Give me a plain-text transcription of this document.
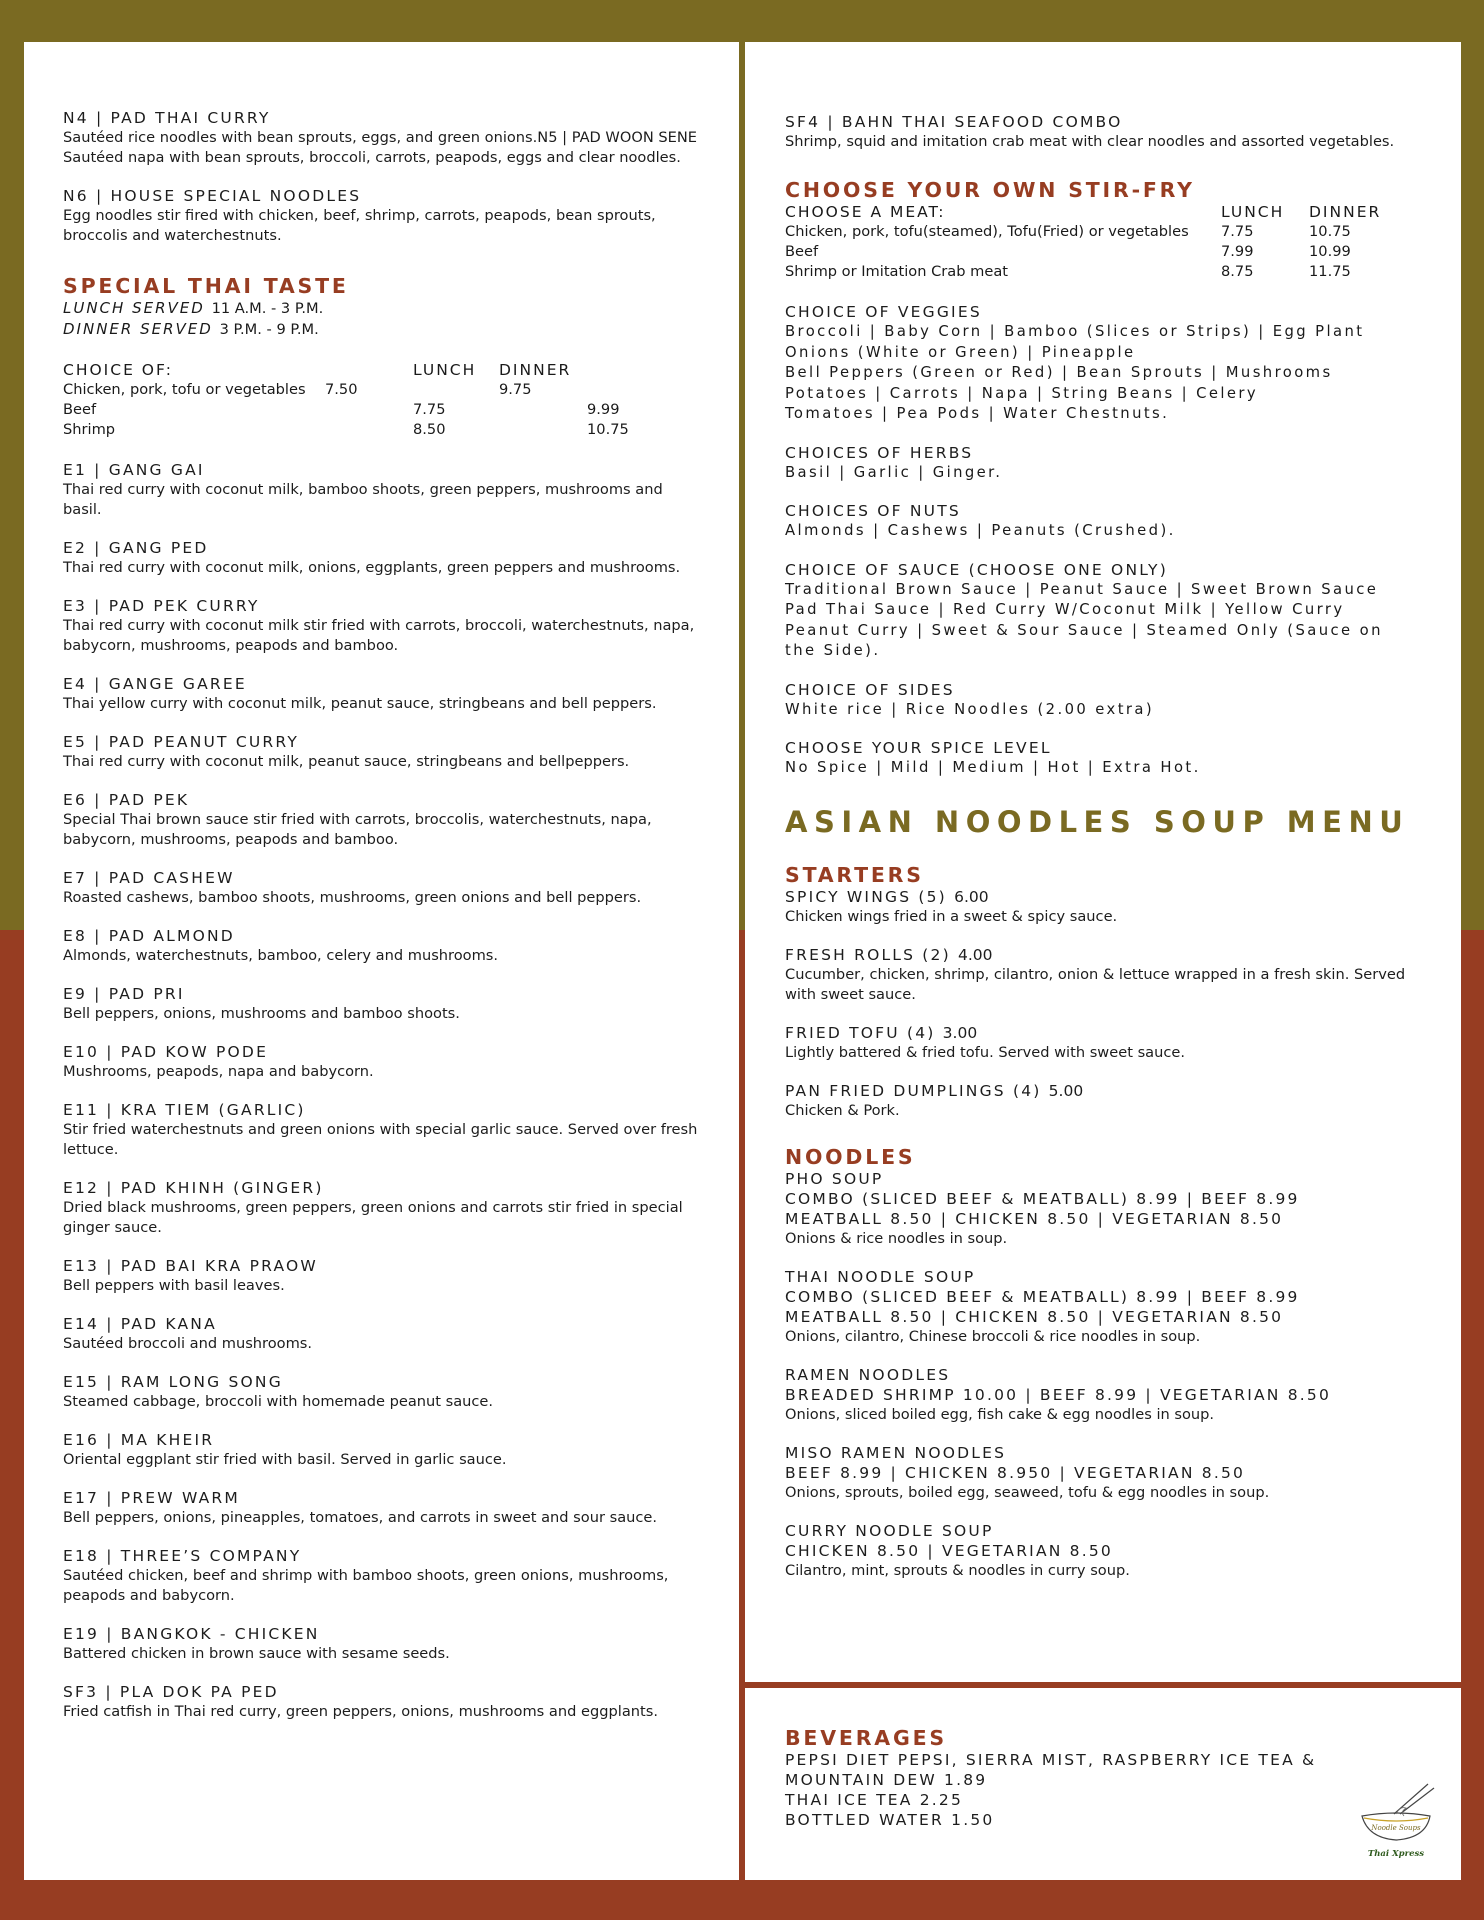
N4 | PAD THAI CURRY
Sautéed rice noodles with bean sprouts, eggs, and green onions.N5 | PAD WOON SENE
Sautéed napa with bean sprouts, broccoli, carrots, peapods, eggs and clear noodles.
N6 | HOUSE SPECIAL NOODLES
Egg noodles stir fired with chicken, beef, shrimp, carrots, peapods, bean sprouts, broccolis and waterchestnuts.
SPECIAL THAI TASTE
LUNCH SERVED 11 A.M. - 3 P.M.
DINNER SERVED 3 P.M. - 9 P.M.
CHOICE OF:		LUNCH	DINNER	
Chicken, pork, tofu or vegetables	7.50		9.75	
Beef		7.75		9.99
Shrimp		8.50		10.75
E1 | GANG GAI
Thai red curry with coconut milk, bamboo shoots, green peppers, mushrooms and basil.
E2 | GANG PED
Thai red curry with coconut milk, onions, eggplants, green peppers and mushrooms.
E3 | PAD PEK CURRY
Thai red curry with coconut milk stir fried with carrots, broccoli, waterchestnuts, napa, babycorn, mushrooms, peapods and bamboo.
E4 | GANGE GAREE
Thai yellow curry with coconut milk, peanut sauce, stringbeans and bell peppers.
E5 | PAD PEANUT CURRY
Thai red curry with coconut milk, peanut sauce, stringbeans and bellpeppers.
E6 | PAD PEK
Special Thai brown sauce stir fried with carrots, broccolis, waterchestnuts, napa, babycorn, mushrooms, peapods and bamboo.
E7 | PAD CASHEW
Roasted cashews, bamboo shoots, mushrooms, green onions and bell peppers.
E8 | PAD ALMOND
Almonds, waterchestnuts, bamboo, celery and mushrooms.
E9 | PAD PRI
Bell peppers, onions, mushrooms and bamboo shoots.
E10 | PAD KOW PODE
Mushrooms, peapods, napa and babycorn.
E11 | KRA TIEM (GARLIC)
Stir fried waterchestnuts and green onions with special garlic sauce. Served over fresh lettuce.
E12 | PAD KHINH (GINGER)
Dried black mushrooms, green peppers, green onions and carrots stir fried in special ginger sauce.
E13 | PAD BAI KRA PRAOW
Bell peppers with basil leaves.
E14 | PAD KANA
Sautéed broccoli and mushrooms.
E15 | RAM LONG SONG
Steamed cabbage, broccoli with homemade peanut sauce.
E16 | MA KHEIR
Oriental eggplant stir fried with basil. Served in garlic sauce.
E17 | PREW WARM
Bell peppers, onions, pineapples, tomatoes, and carrots in sweet and sour sauce.
E18 | THREE’S COMPANY
Sautéed chicken, beef and shrimp with bamboo shoots, green onions, mushrooms, peapods and babycorn.
E19 | BANGKOK - CHICKEN
Battered chicken in brown sauce with sesame seeds.
SF3 | PLA DOK PA PED
Fried catfish in Thai red curry, green peppers, onions, mushrooms and eggplants.
SF4 | BAHN THAI SEAFOOD COMBO
Shrimp, squid and imitation crab meat with clear noodles and assorted vegetables.
CHOOSE YOUR OWN STIR-FRY
CHOOSE A MEAT:	LUNCH	DINNER
Chicken, pork, tofu(steamed), Tofu(Fried) or vegetables	7.75	10.75
Beef	7.99	10.99
Shrimp or Imitation Crab meat	8.75	11.75
CHOICE OF VEGGIES
Broccoli | Baby Corn | Bamboo (Slices or Strips) | Egg Plant
Onions (White or Green) | Pineapple
Bell Peppers (Green or Red) | Bean Sprouts | Mushrooms
Potatoes | Carrots | Napa | String Beans | Celery
Tomatoes | Pea Pods | Water Chestnuts.
CHOICES OF HERBS
Basil | Garlic | Ginger.
CHOICES OF NUTS
Almonds | Cashews | Peanuts (Crushed).
CHOICE OF SAUCE (CHOOSE ONE ONLY)
Traditional Brown Sauce | Peanut Sauce | Sweet Brown Sauce
Pad Thai Sauce | Red Curry W/Coconut Milk | Yellow Curry
Peanut Curry | Sweet & Sour Sauce | Steamed Only (Sauce on
the Side).
CHOICE OF SIDES
White rice | Rice Noodles (2.00 extra)
CHOOSE YOUR SPICE LEVEL
No Spice | Mild | Medium | Hot | Extra Hot.
ASIAN NOODLES SOUP MENU
STARTERS
SPICY WINGS (5) 6.00
Chicken wings fried in a sweet & spicy sauce.
FRESH ROLLS (2) 4.00
Cucumber, chicken, shrimp, cilantro, onion & lettuce wrapped in a fresh skin. Served with sweet sauce.
FRIED TOFU (4) 3.00
Lightly battered & fried tofu. Served with sweet sauce.
PAN FRIED DUMPLINGS (4) 5.00
Chicken & Pork.
NOODLES
PHO SOUP
COMBO (SLICED BEEF & MEATBALL) 8.99 | BEEF 8.99
MEATBALL 8.50 | CHICKEN 8.50 | VEGETARIAN 8.50
Onions & rice noodles in soup.
THAI NOODLE SOUP
COMBO (SLICED BEEF & MEATBALL) 8.99 | BEEF 8.99
MEATBALL 8.50 | CHICKEN 8.50 | VEGETARIAN 8.50
Onions, cilantro, Chinese broccoli & rice noodles in soup.
RAMEN NOODLES
BREADED SHRIMP 10.00 | BEEF 8.99 | VEGETARIAN 8.50
Onions, sliced boiled egg, fish cake & egg noodles in soup.
MISO RAMEN NOODLES
BEEF 8.99 | CHICKEN 8.950 | VEGETARIAN 8.50
Onions, sprouts, boiled egg, seaweed, tofu & egg noodles in soup.
CURRY NOODLE SOUP
CHICKEN 8.50 | VEGETARIAN 8.50
Cilantro, mint, sprouts & noodles in curry soup.
BEVERAGES
PEPSI DIET PEPSI, SIERRA MIST, RASPBERRY ICE TEA &
MOUNTAIN DEW 1.89
THAI ICE TEA 2.25
BOTTLED WATER 1.50	Noodle Soups
Thai Xpress
